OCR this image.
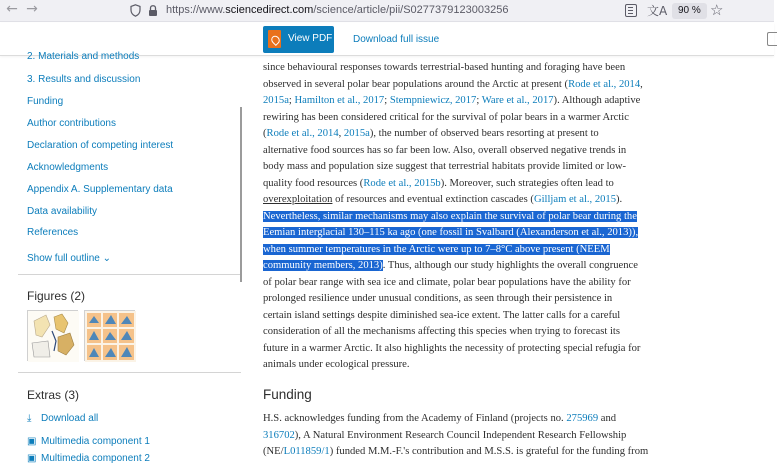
← →	https://www.sciencedirect.com/science/article/pii/S0277379123003256	文A	90 % ☆
View PDF Download full issue
2. Materials and methods
3. Results and discussion
Funding
Author contributions
Declaration of competing interest
Acknowledgments
Appendix A. Supplementary data
Data availability
References
Show full outline ⌄
Figures (2)
Extras (3)
⤓ Download all
▣ Multimedia component 1
▣ Multimedia component 2
since behavioural responses towards terrestrial-based hunting and foraging have been
observed in several polar bear populations around the Arctic at present (Rode et al., 2014,
2015a; Hamilton et al., 2017; Stempniewicz, 2017; Ware et al., 2017). Although adaptive
rewiring has been considered critical for the survival of polar bears in a warmer Arctic
(Rode et al., 2014, 2015a), the number of observed bears resorting at present to
alternative food sources has so far been low. Also, overall observed negative trends in
body mass and population size suggest that terrestrial habitats provide limited or low-
quality food resources (Rode et al., 2015b). Moreover, such strategies often lead to
overexploitation of resources and eventual extinction cascades (Gilljam et al., 2015).
Nevertheless, similar mechanisms may also explain the survival of polar bear during the
Eemian interglacial 130–115 ka ago (one fossil in Svalbard (Alexanderson et al., 2013)),
when summer temperatures in the Arctic were up to 7–8°C above present (NEEM
community members, 2013). Thus, although our study highlights the overall congruence
of polar bear range with sea ice and climate, polar bear populations have the ability for
prolonged resilience under unusual conditions, as seen through their persistence in
certain island settings despite diminished sea-ice extent. The latter calls for a careful
consideration of all the mechanisms affecting this species when trying to forecast its
future in a warmer Arctic. It also highlights the necessity of protecting special refugia for
animals under ecological pressure.
Funding
H.S. acknowledges funding from the Academy of Finland (projects no. 275969 and
316702), A Natural Environment Research Council Independent Research Fellowship
(NE/L011859/1) funded M.M.-F.'s contribution and M.S.S. is grateful for the funding from
